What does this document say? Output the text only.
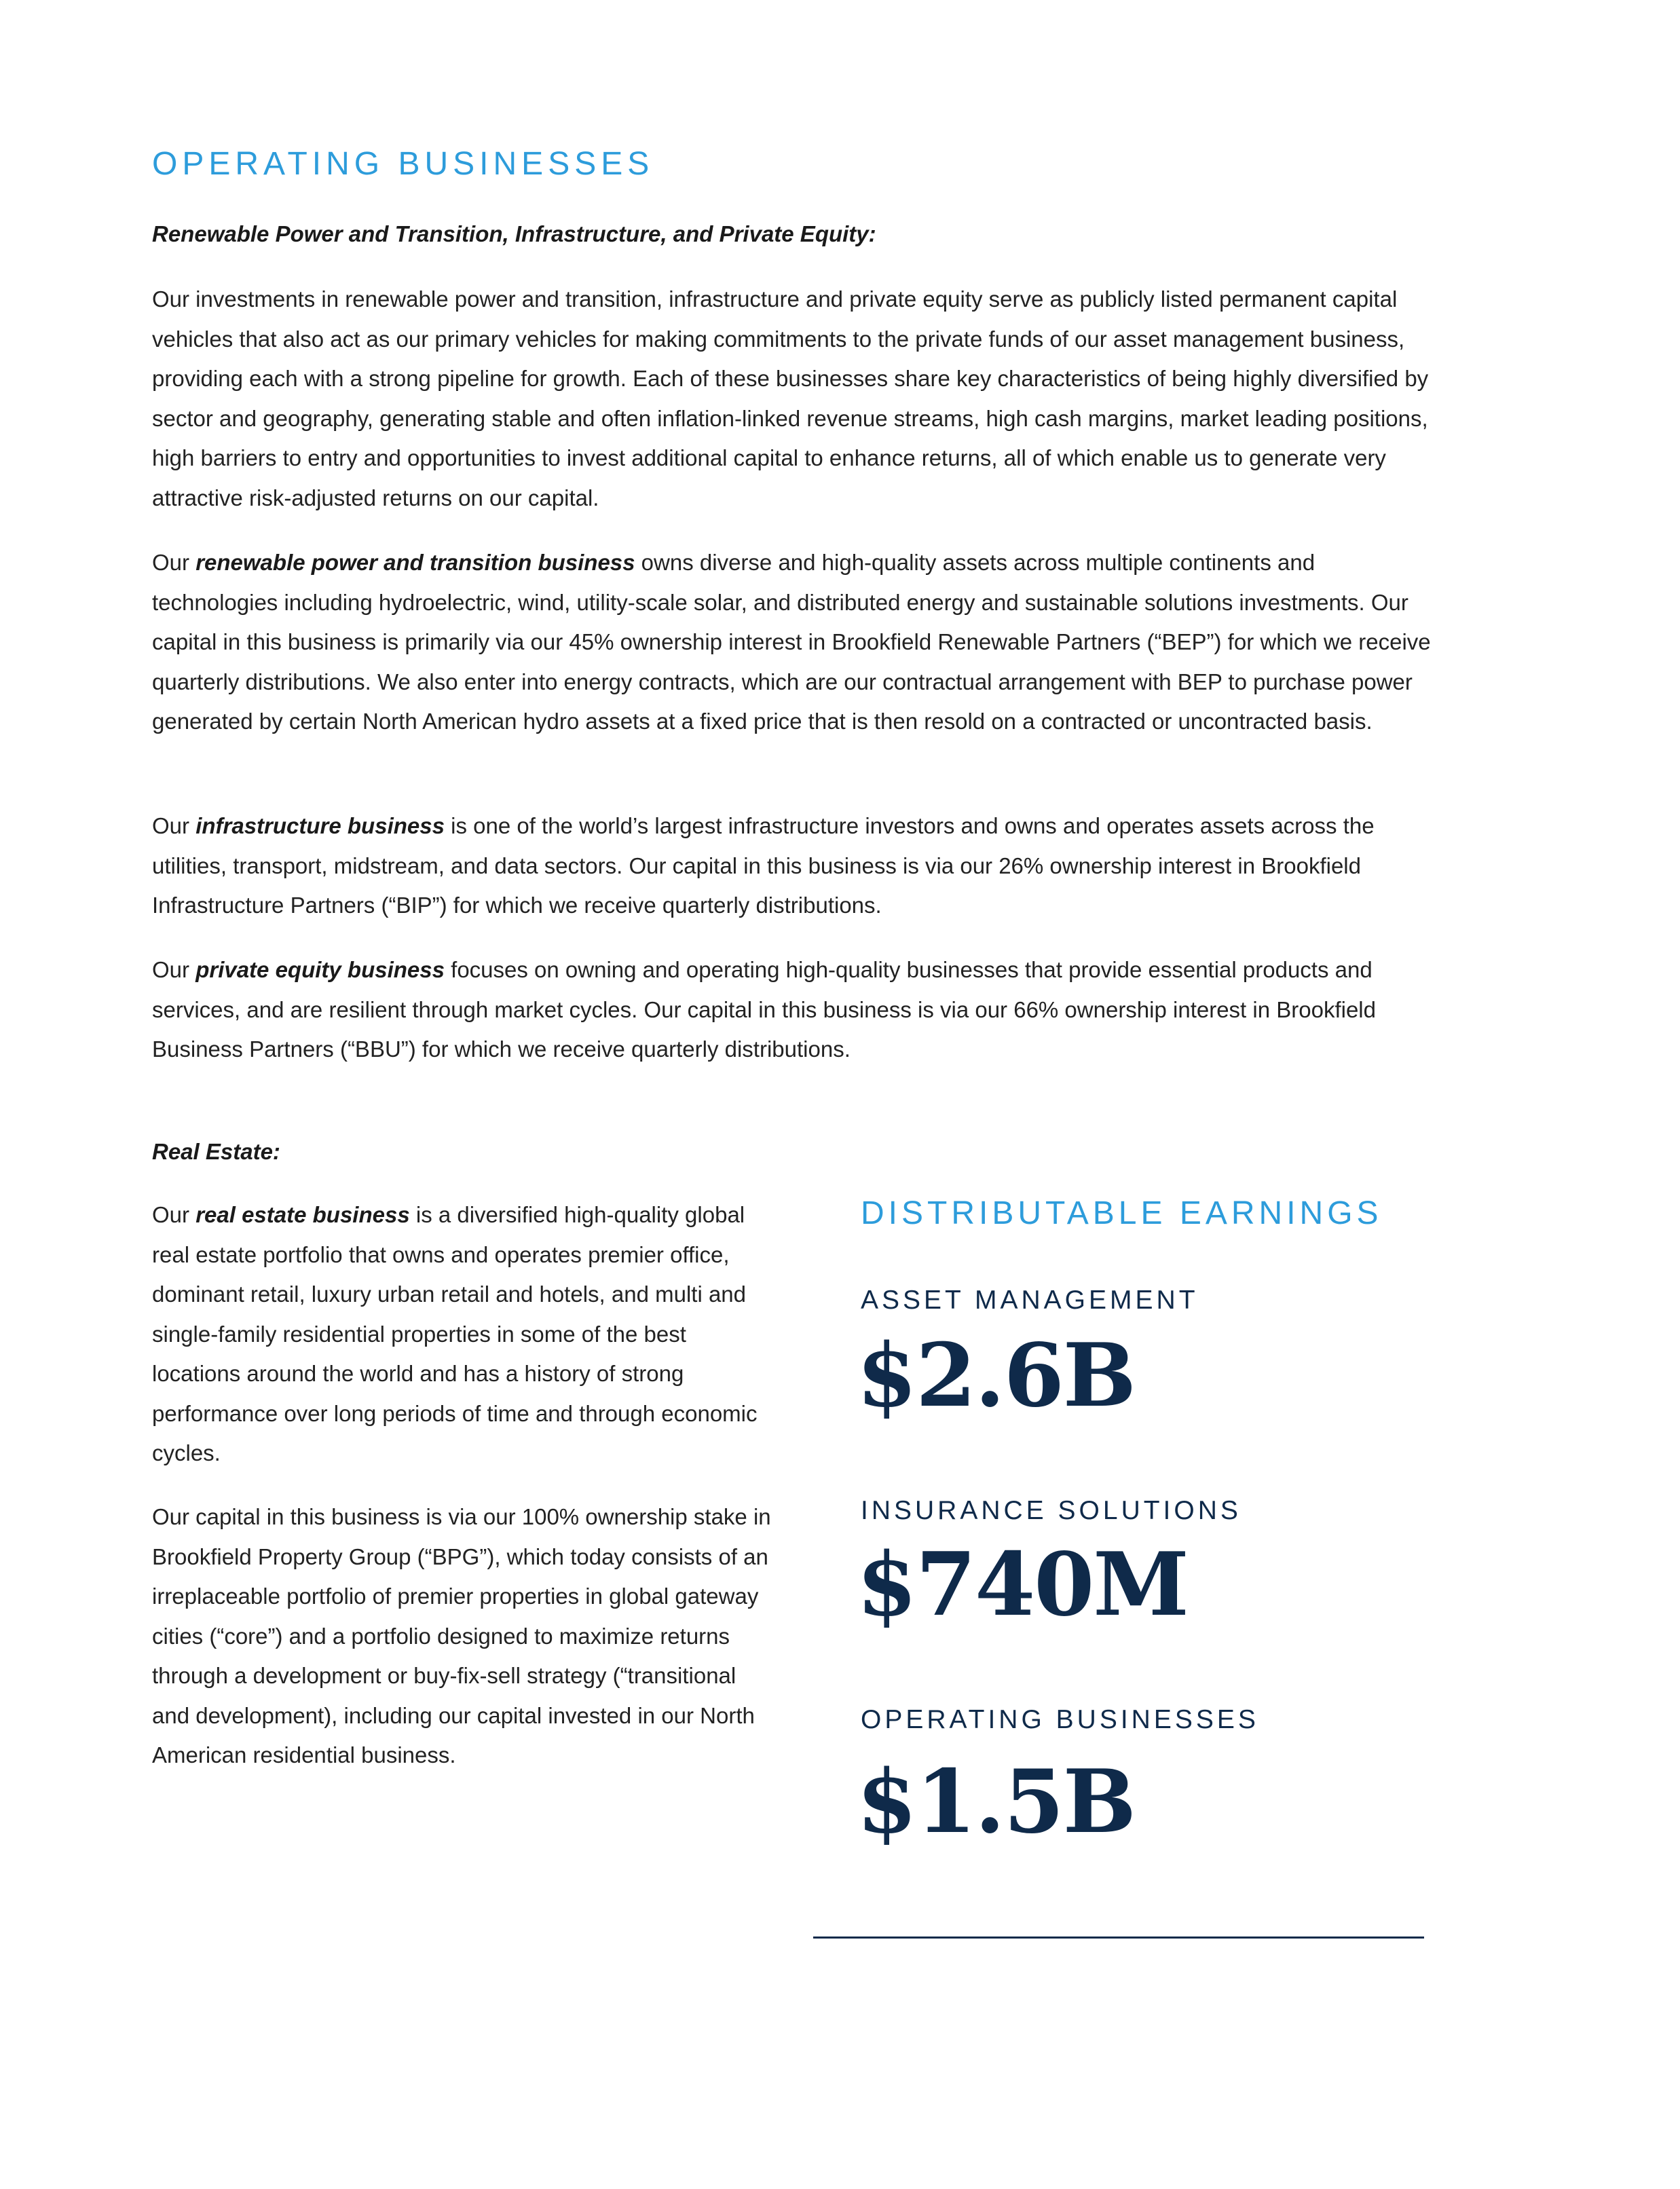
OPERATING BUSINESSES

Renewable Power and Transition, Infrastructure, and Private Equity:

Our investments in renewable power and transition, infrastructure and private equity serve as publicly listed permanent capital vehicles that also act as our primary vehicles for making commitments to the private funds of our asset management business, providing each with a strong pipeline for growth. Each of these businesses share key characteristics of being highly diversified by sector and geography, generating stable and often inflation-linked revenue streams, high cash margins, market leading positions, high barriers to entry and opportunities to invest additional capital to enhance returns, all of which enable us to generate very attractive risk-adjusted returns on our capital.

Our renewable power and transition business owns diverse and high-quality assets across multiple continents and technologies including hydroelectric, wind, utility-scale solar, and distributed energy and sustainable solutions investments. Our capital in this business is primarily via our 45% ownership interest in Brookfield Renewable Partners (“BEP”) for which we receive quarterly distributions. We also enter into energy contracts, which are our contractual arrangement with BEP to purchase power generated by certain North American hydro assets at a fixed price that is then resold on a contracted or uncontracted basis.

Our infrastructure business is one of the world’s largest infrastructure investors and owns and operates assets across the utilities, transport, midstream, and data sectors. Our capital in this business is via our 26% ownership interest in Brookfield Infrastructure Partners (“BIP”) for which we receive quarterly distributions.

Our private equity business focuses on owning and operating high-quality businesses that provide essential products and services, and are resilient through market cycles. Our capital in this business is via our 66% ownership interest in Brookfield Business Partners (“BBU”) for which we receive quarterly distributions.

Real Estate:

Our real estate business is a diversified high-quality global real estate portfolio that owns and operates premier office, dominant retail, luxury urban retail and hotels, and multi and single-family residential properties in some of the best locations around the world and has a history of strong performance over long periods of time and through economic cycles.

Our capital in this business is via our 100% ownership stake in Brookfield Property Group (“BPG”), which today consists of an irreplaceable portfolio of premier properties in global gateway cities (“core”) and a portfolio designed to maximize returns through a development or buy-fix-sell strategy (“transitional and development), including our capital invested in our North American residential business.

DISTRIBUTABLE EARNINGS

ASSET MANAGEMENT

$2.6B

INSURANCE SOLUTIONS

$740M

OPERATING BUSINESSES

$1.5B
